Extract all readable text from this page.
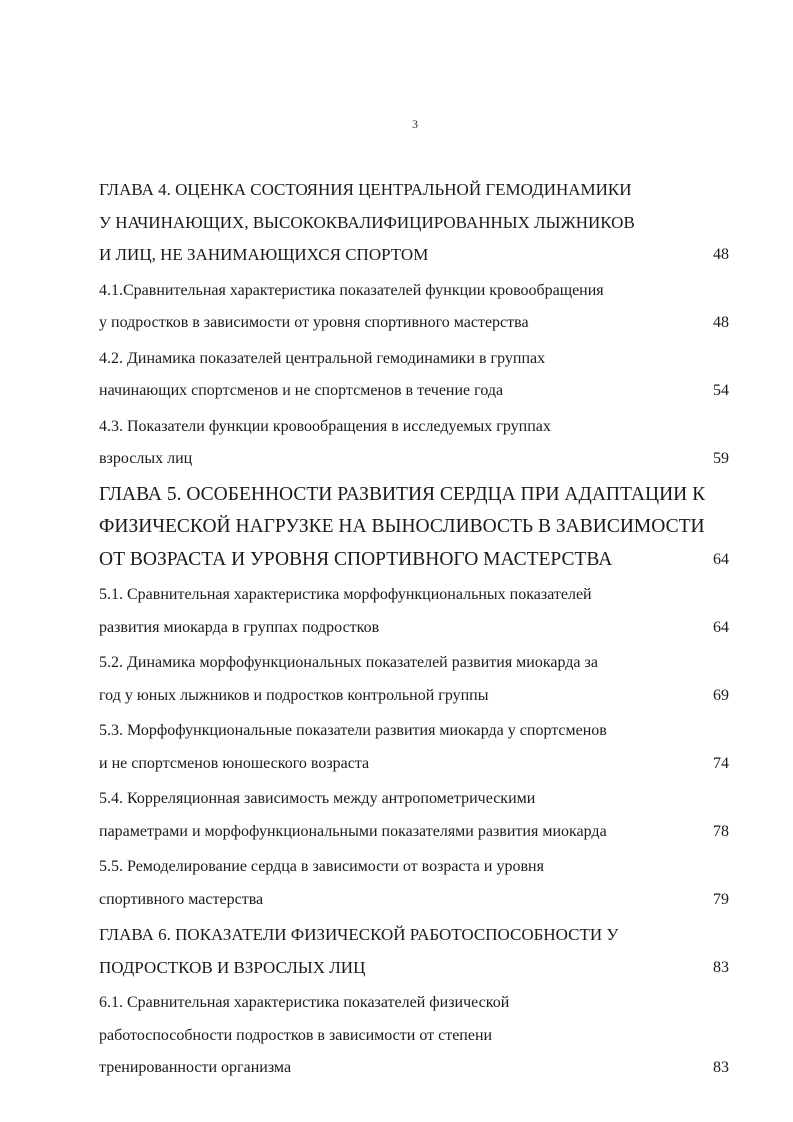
3
ГЛАВА 4. ОЦЕНКА СОСТОЯНИЯ ЦЕНТРАЛЬНОЙ ГЕМОДИНАМИКИ
У НАЧИНАЮЩИХ, ВЫСОКОКВАЛИФИЦИРОВАННЫХ ЛЫЖНИКОВ
И ЛИЦ, НЕ ЗАНИМАЮЩИХСЯ СПОРТОМ	48
4.1.Сравнительная характеристика показателей функции кровообращения
у подростков в зависимости от уровня спортивного мастерства	48
4.2. Динамика показателей центральной гемодинамики в группах
начинающих спортсменов и не спортсменов в течение года	54
4.3. Показатели функции кровообращения в исследуемых группах
взрослых лиц	59
ГЛАВА 5. ОСОБЕННОСТИ РАЗВИТИЯ СЕРДЦА ПРИ АДАПТАЦИИ К
ФИЗИЧЕСКОЙ НАГРУЗКЕ НА ВЫНОСЛИВОСТЬ В ЗАВИСИМОСТИ
ОТ ВОЗРАСТА И УРОВНЯ СПОРТИВНОГО МАСТЕРСТВА	64
5.1. Сравнительная характеристика морфофункциональных показателей
развития миокарда в группах подростков	64
5.2. Динамика морфофункциональных показателей развития миокарда за
год у юных лыжников и подростков контрольной группы	69
5.3. Морфофункциональные показатели развития миокарда у спортсменов
и не спортсменов юношеского возраста	74
5.4. Корреляционная зависимость между антропометрическими
параметрами и морфофункциональными показателями развития миокарда	78
5.5. Ремоделирование сердца в зависимости от возраста и уровня
спортивного мастерства	79
ГЛАВА 6. ПОКАЗАТЕЛИ ФИЗИЧЕСКОЙ РАБОТОСПОСОБНОСТИ У
ПОДРОСТКОВ И ВЗРОСЛЫХ ЛИЦ	83
6.1. Сравнительная характеристика показателей физической
работоспособности подростков в зависимости от степени
тренированности организма	83
